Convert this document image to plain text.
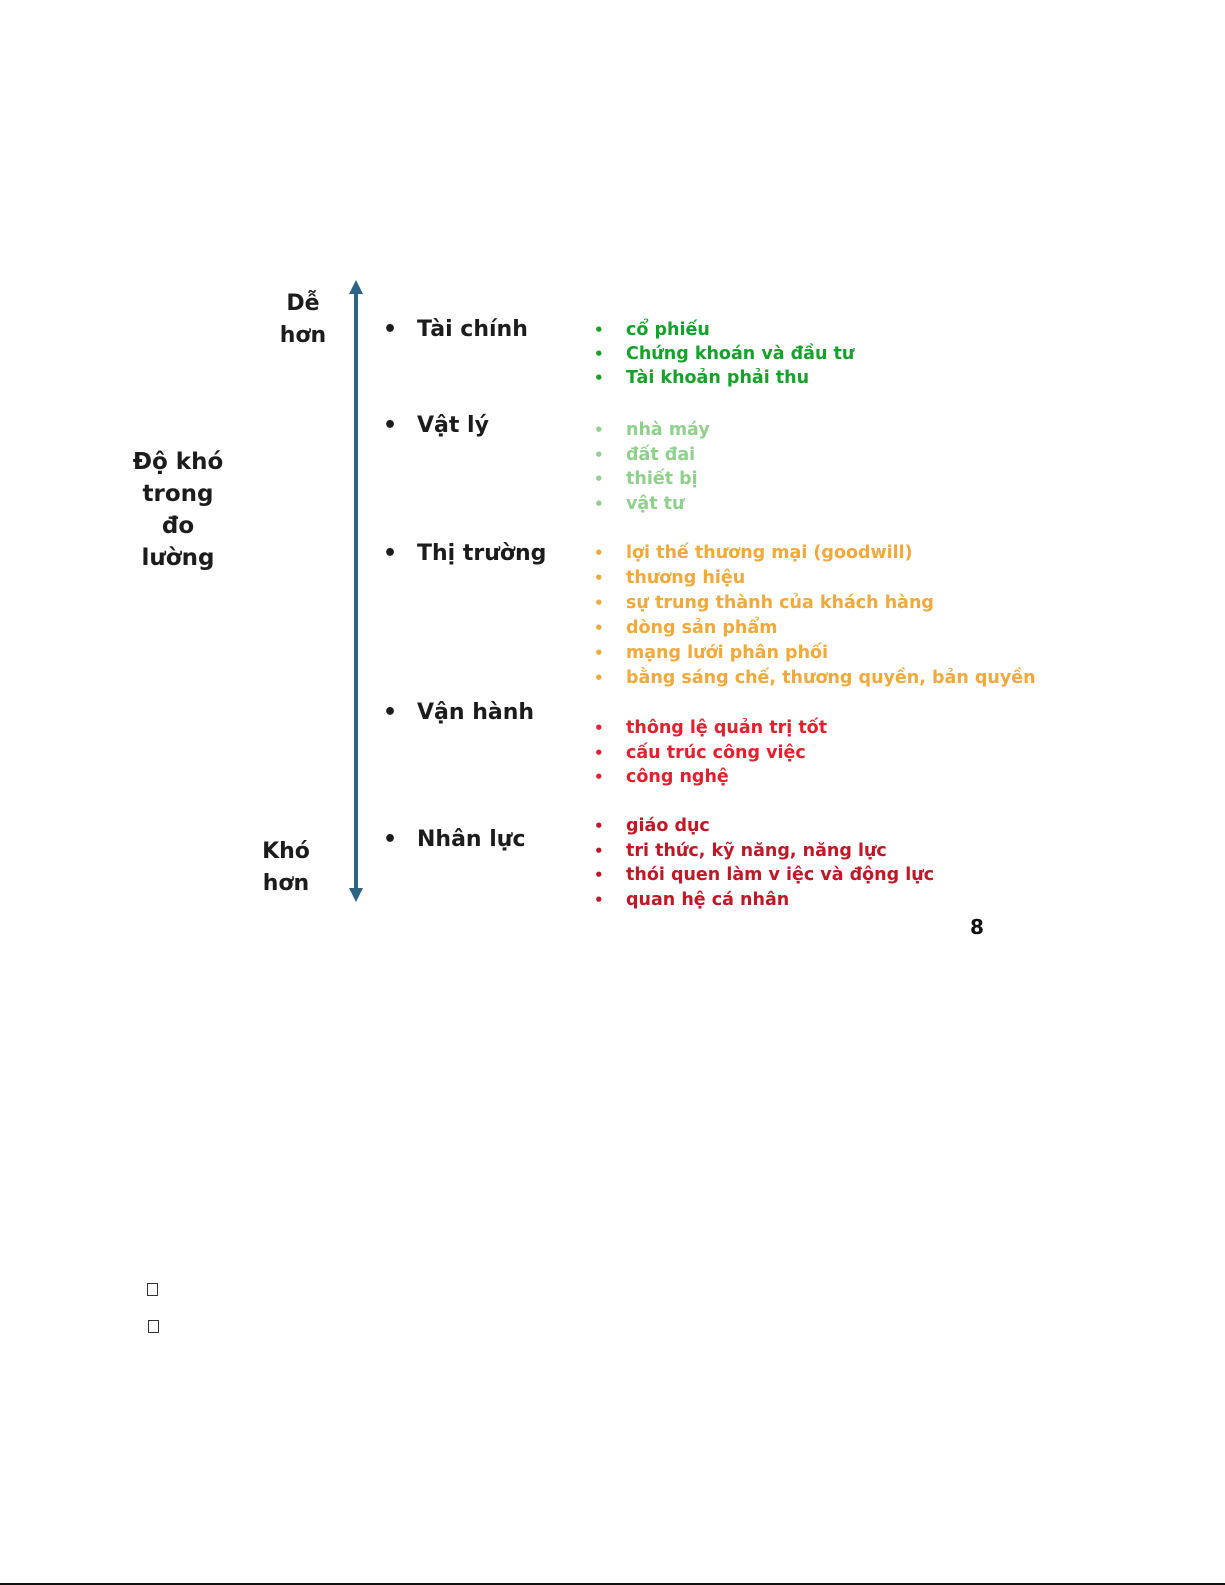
Độ khó
trong
đo
lường
Dễ
hơn
Khó
hơn
• Tài chính	• cổ phiếu
• Chứng khoán và đầu tư
• Tài khoản phải thu
• Vật lý	• nhà máy
• đất đai
• thiết bị
• vật tư
• Thị trường	• lợi thế thương mại (goodwill)
• thương hiệu
• sự trung thành của khách hàng
• dòng sản phẩm
• mạng lưới phân phối
• bằng sáng chế, thương quyền, bản quyền
• Vận hành
• thông lệ quản trị tốt
• cấu trúc công việc
• công nghệ
• Nhân lực
• giáo dục
• tri thức, kỹ năng, năng lực
• thói quen làm v iệc và động lực
• quan hệ cá nhân
8
